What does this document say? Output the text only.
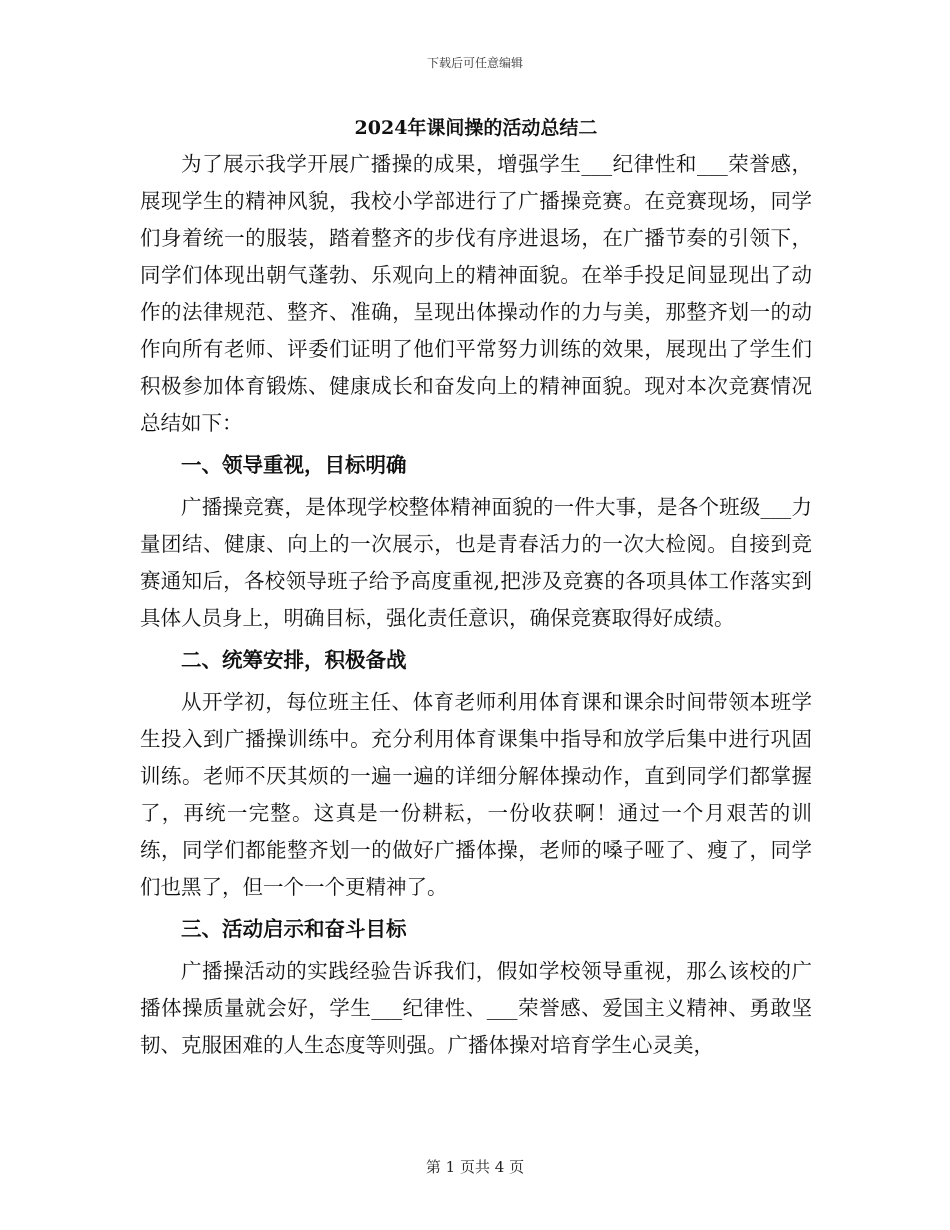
下载后可任意编辑
2024年课间操的活动总结二

为了展示我学开展广播操的成果，增强学生___纪律性和___荣誉感，展现学生的精神风貌，我校小学部进行了广播操竞赛。在竞赛现场，同学们身着统一的服装，踏着整齐的步伐有序进退场，在广播节奏的引领下，同学们体现出朝气蓬勃、乐观向上的精神面貌。在举手投足间显现出了动作的法律规范、整齐、准确，呈现出体操动作的力与美，那整齐划一的动作向所有老师、评委们证明了他们平常努力训练的效果，展现出了学生们积极参加体育锻炼、健康成长和奋发向上的精神面貌。现对本次竞赛情况总结如下：

一、领导重视，目标明确

广播操竞赛，是体现学校整体精神面貌的一件大事，是各个班级___力量团结、健康、向上的一次展示，也是青春活力的一次大检阅。自接到竞赛通知后，各校领导班子给予高度重视,把涉及竞赛的各项具体工作落实到具体人员身上，明确目标，强化责任意识，确保竞赛取得好成绩。

二、统筹安排，积极备战

从开学初，每位班主任、体育老师利用体育课和课余时间带领本班学生投入到广播操训练中。充分利用体育课集中指导和放学后集中进行巩固训练。老师不厌其烦的一遍一遍的详细分解体操动作，直到同学们都掌握了，再统一完整。这真是一份耕耘，一份收获啊！通过一个月艰苦的训练，同学们都能整齐划一的做好广播体操，老师的嗓子哑了、瘦了，同学们也黑了，但一个一个更精神了。

三、活动启示和奋斗目标

广播操活动的实践经验告诉我们，假如学校领导重视，那么该校的广播体操质量就会好，学生___纪律性、___荣誉感、爱国主义精神、勇敢坚韧、克服困难的人生态度等则强。广播体操对培育学生心灵美，

第 1 页共 4 页
